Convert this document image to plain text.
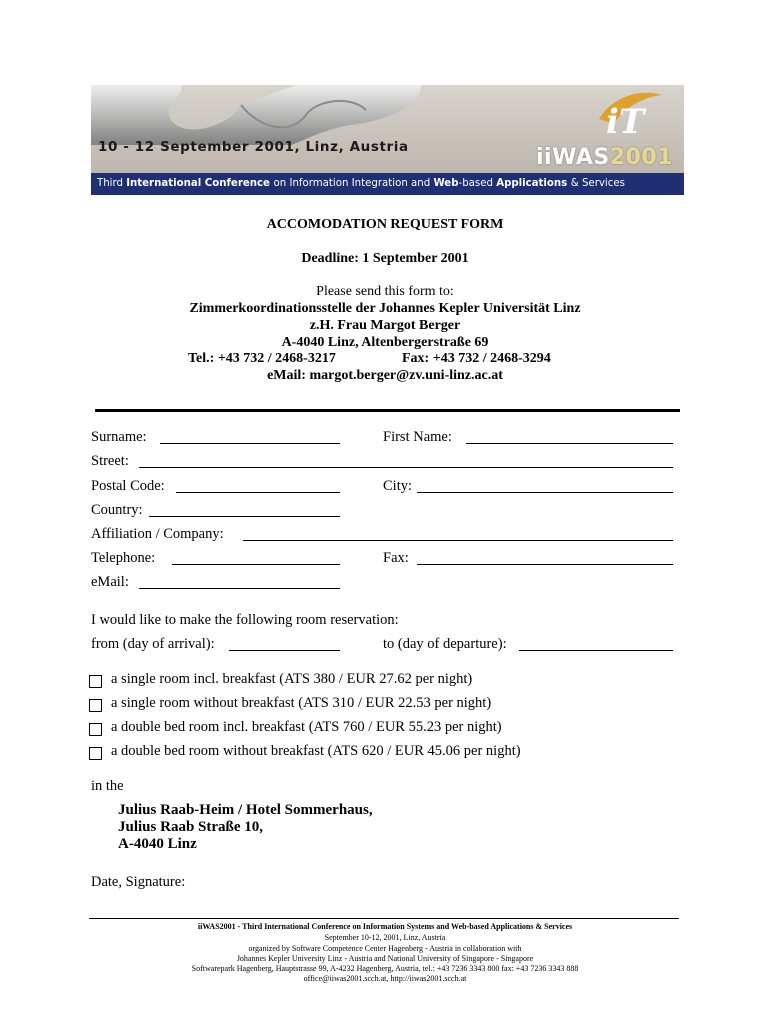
10 - 12 September 2001, Linz, Austria
iT
iiWAS2001
Third International Conference on Information Integration and Web-based Applications & Services
ACCOMODATION REQUEST FORM
Deadline: 1 September 2001
Please send this form to:
Zimmerkoordinationsstelle der Johannes Kepler Universität Linz
z.H. Frau Margot Berger
A-4040 Linz, Altenbergerstraße 69
Tel.: +43 732 / 2468-3217	Fax: +43 732 / 2468-3294
eMail: margot.berger@zv.uni-linz.ac.at
Surname:	First Name:
Street:
Postal Code:	City:
Country:
Affiliation / Company:
Telephone:	Fax:
eMail:
I would like to make the following room reservation:
from (day of arrival):	to (day of departure):
a single room incl. breakfast (ATS 380 / EUR 27.62 per night)
a single room without breakfast (ATS 310 / EUR 22.53 per night)
a double bed room incl. breakfast (ATS 760 / EUR 55.23 per night)
a double bed room without breakfast (ATS 620 / EUR 45.06 per night)
in the
Julius Raab-Heim / Hotel Sommerhaus,
Julius Raab Straße 10,
A-4040 Linz
Date, Signature:
iiWAS2001 - Third International Conference on Information Systems and Web-based Applications & Services
September 10-12, 2001, Linz, Austria
organized by Software Competence Center Hagenberg - Austria in collaboration with
Johannes Kepler University Linz - Austria and National University of Singapore - Singapore
Softwarepark Hagenberg, Hauptstrasse 99, A-4232 Hagenberg, Austria, tel.: +43 7236 3343 800 fax: +43 7236 3343 888
office@iiwas2001.scch.at, http://iiwas2001.scch.at
